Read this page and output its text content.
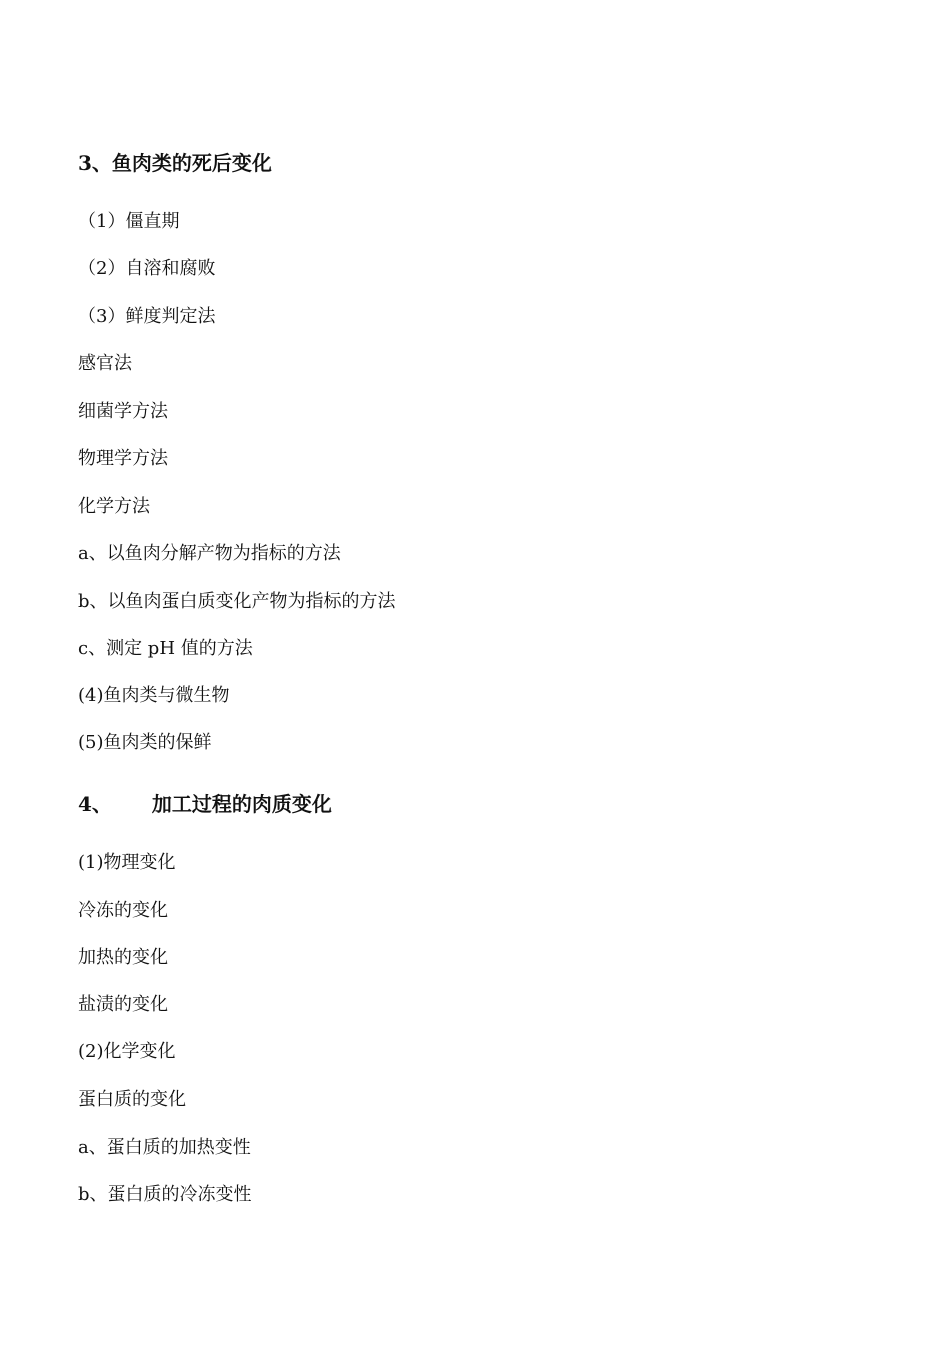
3、鱼肉类的死后变化
（1）僵直期
（2）自溶和腐败
（3）鲜度判定法
感官法
细菌学方法
物理学方法
化学方法
a、以鱼肉分解产物为指标的方法
b、以鱼肉蛋白质变化产物为指标的方法
c、测定 pH 值的方法
(4)鱼肉类与微生物
(5)鱼肉类的保鲜
4、 加工过程的肉质变化
(1)物理变化
冷冻的变化
加热的变化
盐渍的变化
(2)化学变化
蛋白质的变化
a、蛋白质的加热变性
b、蛋白质的冷冻变性
